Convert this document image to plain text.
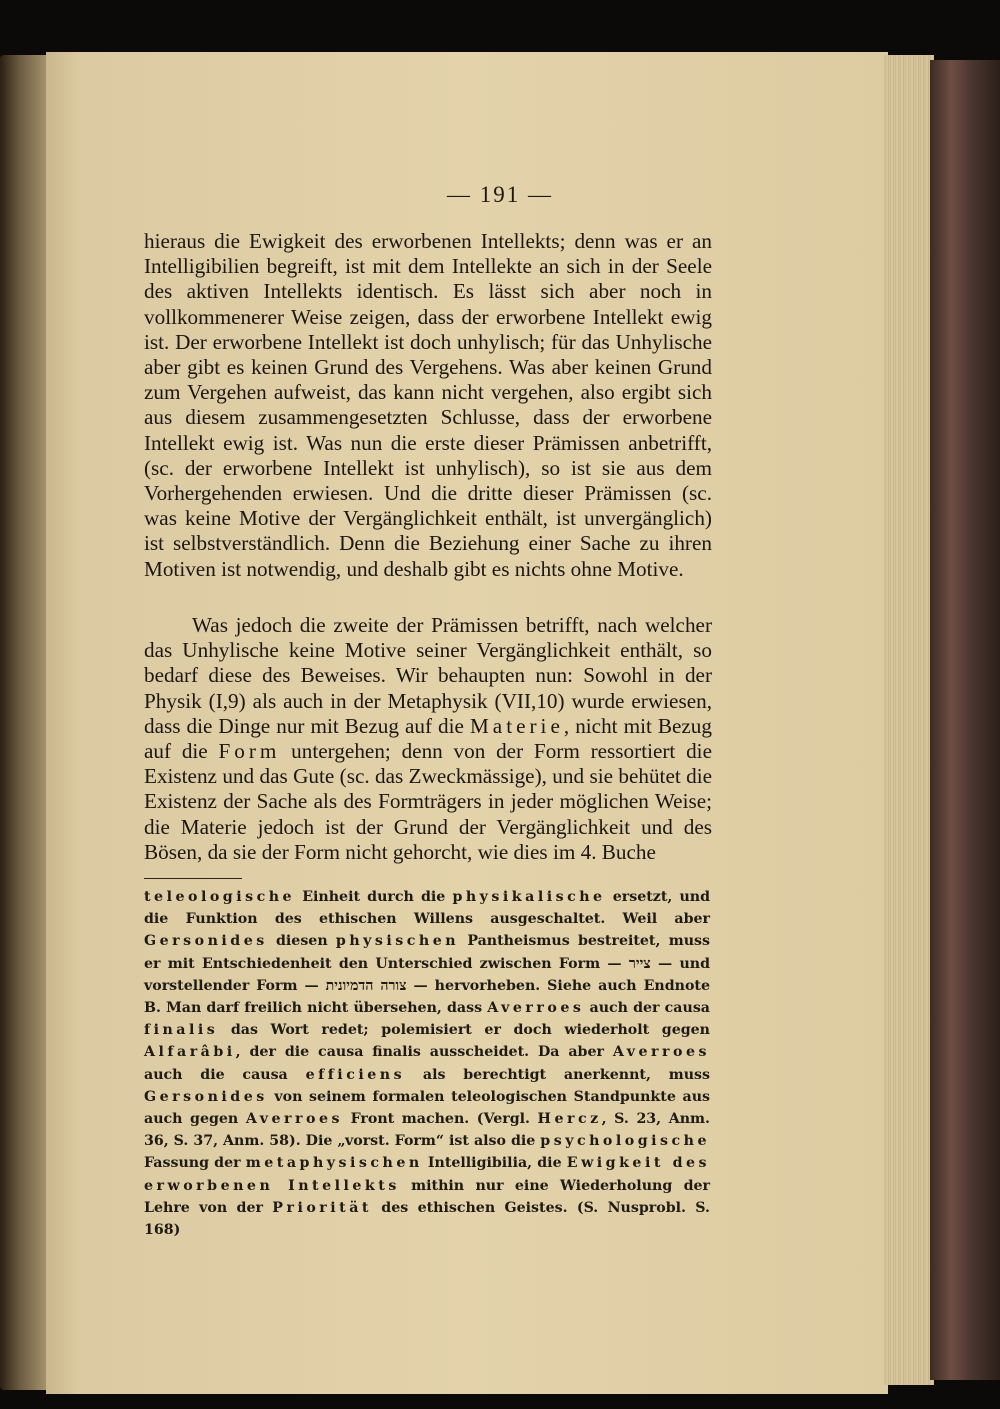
— 191 —

hieraus die Ewigkeit des erworbenen Intellekts; denn was er an Intelligibilien begreift, ist mit dem Intellekte an sich in der Seele des aktiven Intellekts identisch. Es lässt sich aber noch in vollkommenerer Weise zeigen, dass der erworbene Intellekt ewig ist. Der erworbene Intellekt ist doch unhylisch; für das Unhylische aber gibt es keinen Grund des Vergehens. Was aber keinen Grund zum Vergehen aufweist, das kann nicht vergehen, also ergibt sich aus diesem zusammengesetzten Schlusse, dass der erworbene Intellekt ewig ist. Was nun die erste dieser Prämissen anbetrifft, (sc. der erworbene Intellekt ist unhylisch), so ist sie aus dem Vorhergehenden erwiesen. Und die dritte dieser Prämissen (sc. was keine Motive der Vergänglichkeit enthält, ist unvergänglich) ist selbstverständlich. Denn die Beziehung einer Sache zu ihren Motiven ist notwendig, und deshalb gibt es nichts ohne Motive.

Was jedoch die zweite der Prämissen betrifft, nach welcher das Unhylische keine Motive seiner Vergänglichkeit enthält, so bedarf diese des Beweises. Wir behaupten nun: Sowohl in der Physik (I,9) als auch in der Metaphysik (VII,10) wurde erwiesen, dass die Dinge nur mit Bezug auf die Materie, nicht mit Bezug auf die Form untergehen; denn von der Form ressortiert die Existenz und das Gute (sc. das Zweckmässige), und sie behütet die Existenz der Sache als des Formträgers in jeder möglichen Weise; die Materie jedoch ist der Grund der Vergänglichkeit und des Bösen, da sie der Form nicht gehorcht, wie dies im 4. Buche

teleologische Einheit durch die physikalische ersetzt, und die Funktion des ethischen Willens ausgeschaltet. Weil aber Gersonides diesen physischen Pantheismus bestreitet, muss er mit Entschiedenheit den Unterschied zwischen Form — צייר — und vorstellender Form — צורה הדמיונית — hervorheben. Siehe auch Endnote B. Man darf freilich nicht übersehen, dass Averroes auch der causa finalis das Wort redet; polemisiert er doch wiederholt gegen Alfarâbi, der die causa finalis ausscheidet. Da aber Averroes auch die causa efficiens als berechtigt anerkennt, muss Gersonides von seinem formalen teleologischen Standpunkte aus auch gegen Averroes Front machen. (Vergl. Hercz, S. 23, Anm. 36, S. 37, Anm. 58). Die „vorst. Form“ ist also die psychologische Fassung der metaphysischen Intelligibilia, die Ewigkeit des erworbenen Intellekts mithin nur eine Wiederholung der Lehre von der Priorität des ethischen Geistes. (S. Nusprobl. S. 168)
